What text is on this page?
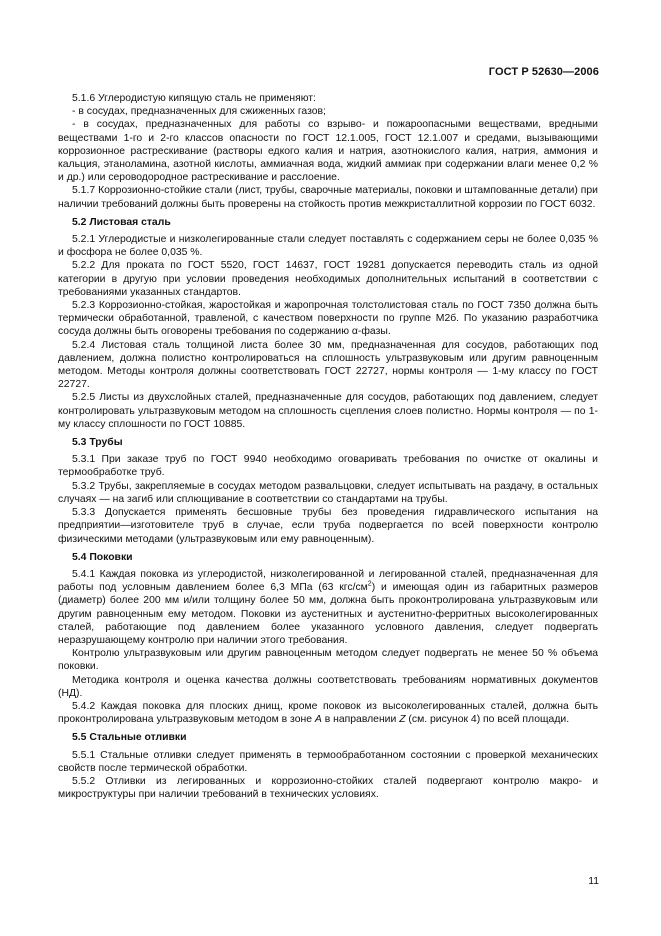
ГОСТ Р 52630—2006

5.1.6 Углеродистую кипящую сталь не применяют:

- в сосудах, предназначенных для сжиженных газов;

- в сосудах, предназначенных для работы со взрыво- и пожароопасными веществами, вредными веществами 1-го и 2-го классов опасности по ГОСТ 12.1.005, ГОСТ 12.1.007 и средами, вызывающими коррозионное растрескивание (растворы едкого калия и натрия, азотнокислого калия, натрия, аммония и кальция, этаноламина, азотной кислоты, аммиачная вода, жидкий аммиак при содержании влаги менее 0,2 % и др.) или сероводородное растрескивание и расслоение.

5.1.7 Коррозионно-стойкие стали (лист, трубы, сварочные материалы, поковки и штампованные детали) при наличии требований должны быть проверены на стойкость против межкристаллитной коррозии по ГОСТ 6032.

5.2 Листовая сталь

5.2.1 Углеродистые и низколегированные стали следует поставлять с содержанием серы не более 0,035 % и фосфора не более 0,035 %.

5.2.2 Для проката по ГОСТ 5520, ГОСТ 14637, ГОСТ 19281 допускается переводить сталь из одной категории в другую при условии проведения необходимых дополнительных испытаний в соответствии с требованиями указанных стандартов.

5.2.3 Коррозионно-стойкая, жаростойкая и жаропрочная толстолистовая сталь по ГОСТ 7350 должна быть термически обработанной, травленой, с качеством поверхности по группе М2б. По указанию разработчика сосуда должны быть оговорены требования по содержанию α-фазы.

5.2.4 Листовая сталь толщиной листа более 30 мм, предназначенная для сосудов, работающих под давлением, должна полистно контролироваться на сплошность ультразвуковым или другим равноценным методом. Методы контроля должны соответствовать ГОСТ 22727, нормы контроля — 1-му классу по ГОСТ 22727.

5.2.5 Листы из двухслойных сталей, предназначенные для сосудов, работающих под давлением, следует контролировать ультразвуковым методом на сплошность сцепления слоев полистно. Нормы контроля — по 1-му классу сплошности по ГОСТ 10885.

5.3 Трубы

5.3.1 При заказе труб по ГОСТ 9940 необходимо оговаривать требования по очистке от окалины и термообработке труб.

5.3.2 Трубы, закрепляемые в сосудах методом развальцовки, следует испытывать на раздачу, в остальных случаях — на загиб или сплющивание в соответствии со стандартами на трубы.

5.3.3 Допускается применять бесшовные трубы без проведения гидравлического испытания на предприятии—изготовителе труб в случае, если труба подвергается по всей поверхности контролю физическими методами (ультразвуковым или ему равноценным).

5.4 Поковки

5.4.1 Каждая поковка из углеродистой, низколегированной и легированной сталей, предназначенная для работы под условным давлением более 6,3 МПа (63 кгс/$см^2$) и имеющая один из габаритных размеров (диаметр) более 200 мм и/или толщину более 50 мм, должна быть проконтролирована ультразвуковым или другим равноценным ему методом. Поковки из аустенитных и аустенитно-ферритных высоколегированных сталей, работающие под давлением более указанного условного давления, следует подвергать неразрушающему контролю при наличии этого требования.

Контролю ультразвуковым или другим равноценным методом следует подвергать не менее 50 % объема поковки.

Методика контроля и оценка качества должны соответствовать требованиям нормативных документов (НД).

5.4.2 Каждая поковка для плоских днищ, кроме поковок из высоколегированных сталей, должна быть проконтролирована ультразвуковым методом в зоне А в направлении Z (см. рисунок 4) по всей площади.

5.5 Стальные отливки

5.5.1 Стальные отливки следует применять в термообработанном состоянии с проверкой механических свойств после термической обработки.

5.5.2 Отливки из легированных и коррозионно-стойких сталей подвергают контролю макро- и микроструктуры при наличии требований в технических условиях.

11
